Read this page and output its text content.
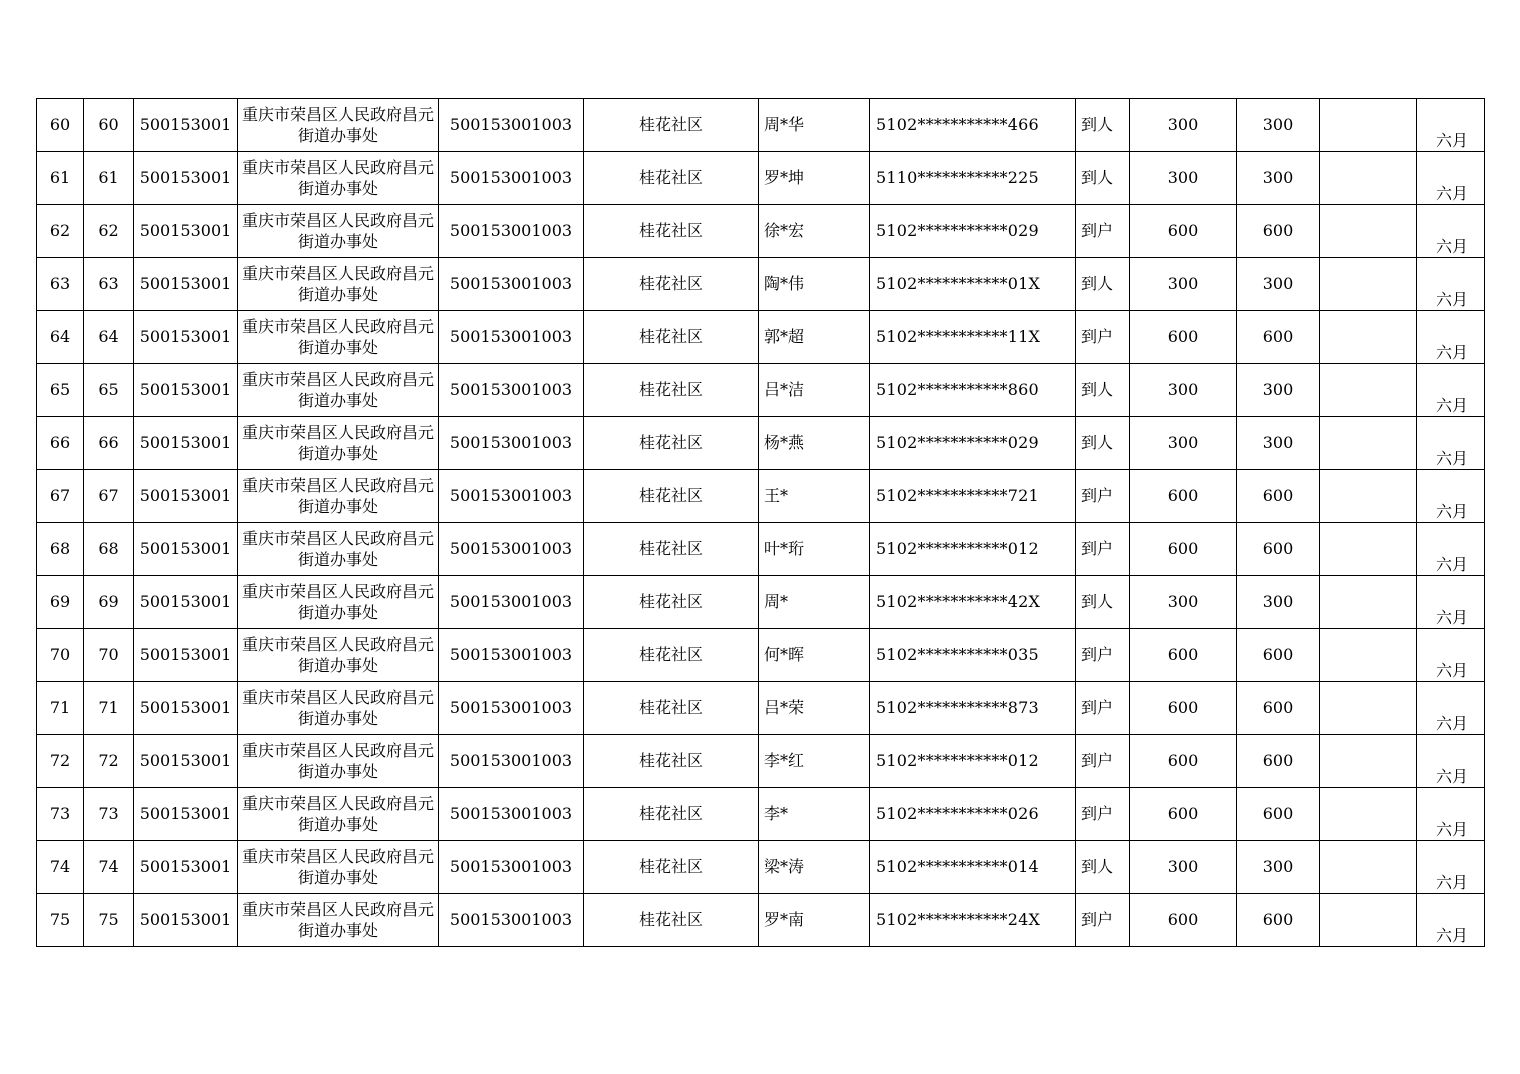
60	60	500153001	重庆市荣昌区人民政府昌元街道办事处	500153001003	桂花社区	周*华	5102***********466	到人	300	300		六月
61	61	500153001	重庆市荣昌区人民政府昌元街道办事处	500153001003	桂花社区	罗*坤	5110***********225	到人	300	300		六月
62	62	500153001	重庆市荣昌区人民政府昌元街道办事处	500153001003	桂花社区	徐*宏	5102***********029	到户	600	600		六月
63	63	500153001	重庆市荣昌区人民政府昌元街道办事处	500153001003	桂花社区	陶*伟	5102***********01X	到人	300	300		六月
64	64	500153001	重庆市荣昌区人民政府昌元街道办事处	500153001003	桂花社区	郭*超	5102***********11X	到户	600	600		六月
65	65	500153001	重庆市荣昌区人民政府昌元街道办事处	500153001003	桂花社区	吕*洁	5102***********860	到人	300	300		六月
66	66	500153001	重庆市荣昌区人民政府昌元街道办事处	500153001003	桂花社区	杨*燕	5102***********029	到人	300	300		六月
67	67	500153001	重庆市荣昌区人民政府昌元街道办事处	500153001003	桂花社区	王*	5102***********721	到户	600	600		六月
68	68	500153001	重庆市荣昌区人民政府昌元街道办事处	500153001003	桂花社区	叶*珩	5102***********012	到户	600	600		六月
69	69	500153001	重庆市荣昌区人民政府昌元街道办事处	500153001003	桂花社区	周*	5102***********42X	到人	300	300		六月
70	70	500153001	重庆市荣昌区人民政府昌元街道办事处	500153001003	桂花社区	何*晖	5102***********035	到户	600	600		六月
71	71	500153001	重庆市荣昌区人民政府昌元街道办事处	500153001003	桂花社区	吕*荣	5102***********873	到户	600	600		六月
72	72	500153001	重庆市荣昌区人民政府昌元街道办事处	500153001003	桂花社区	李*红	5102***********012	到户	600	600		六月
73	73	500153001	重庆市荣昌区人民政府昌元街道办事处	500153001003	桂花社区	李*	5102***********026	到户	600	600		六月
74	74	500153001	重庆市荣昌区人民政府昌元街道办事处	500153001003	桂花社区	梁*涛	5102***********014	到人	300	300		六月
75	75	500153001	重庆市荣昌区人民政府昌元街道办事处	500153001003	桂花社区	罗*南	5102***********24X	到户	600	600		六月
